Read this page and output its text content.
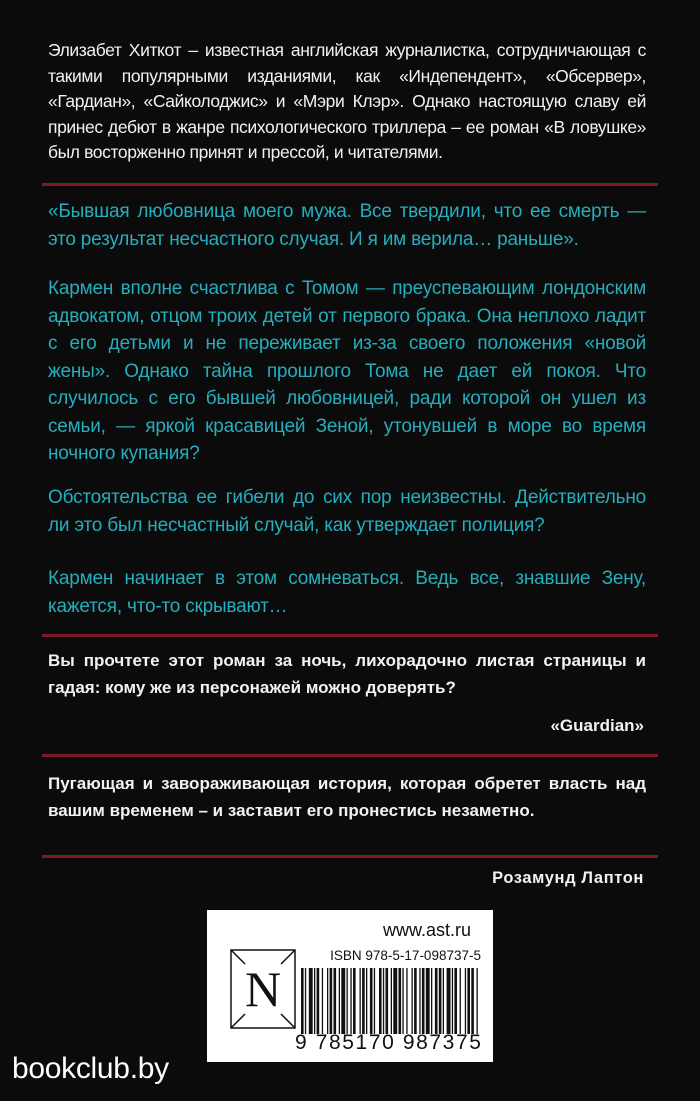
Элизабет Хиткот – известная английская журналистка, сотрудничающая с такими популярными изданиями, как «Индепендент», «Обсервер», «Гардиан», «Сайколоджис» и «Мэри Клэр». Однако настоящую славу ей принес дебют в жанре психологического триллера – ее роман «В ловушке» был восторженно принят и прессой, и читателями.

«Бывшая любовница моего мужа. Все твердили, что ее смерть — это результат несчастного случая. И я им верила… раньше».

Кармен вполне счастлива с Томом — преуспевающим лондонским адвокатом, отцом троих детей от первого брака. Она неплохо ладит с его детьми и не переживает из-за своего положения «новой жены». Однако тайна прошлого Тома не дает ей покоя. Что случилось с его бывшей любовницей, ради которой он ушел из семьи, — яркой красавицей Зеной, утонувшей в море во время ночного купания?

Обстоятельства ее гибели до сих пор неизвестны. Действительно ли это был несчастный случай, как утверждает полиция?

Кармен начинает в этом сомневаться. Ведь все, знавшие Зену, кажется, что-то скрывают…

Вы прочтете этот роман за ночь, лихорадочно листая страницы и гадая: кому же из персонажей можно доверять?

«Guardian»

Пугающая и завораживающая история, которая обретет власть над вашим временем – и заставит его пронестись незаметно.

Розамунд Лаптон
www.ast.ru
ISBN 978-5-17-098737-5
N
9 785170 987375
bookclub.by
